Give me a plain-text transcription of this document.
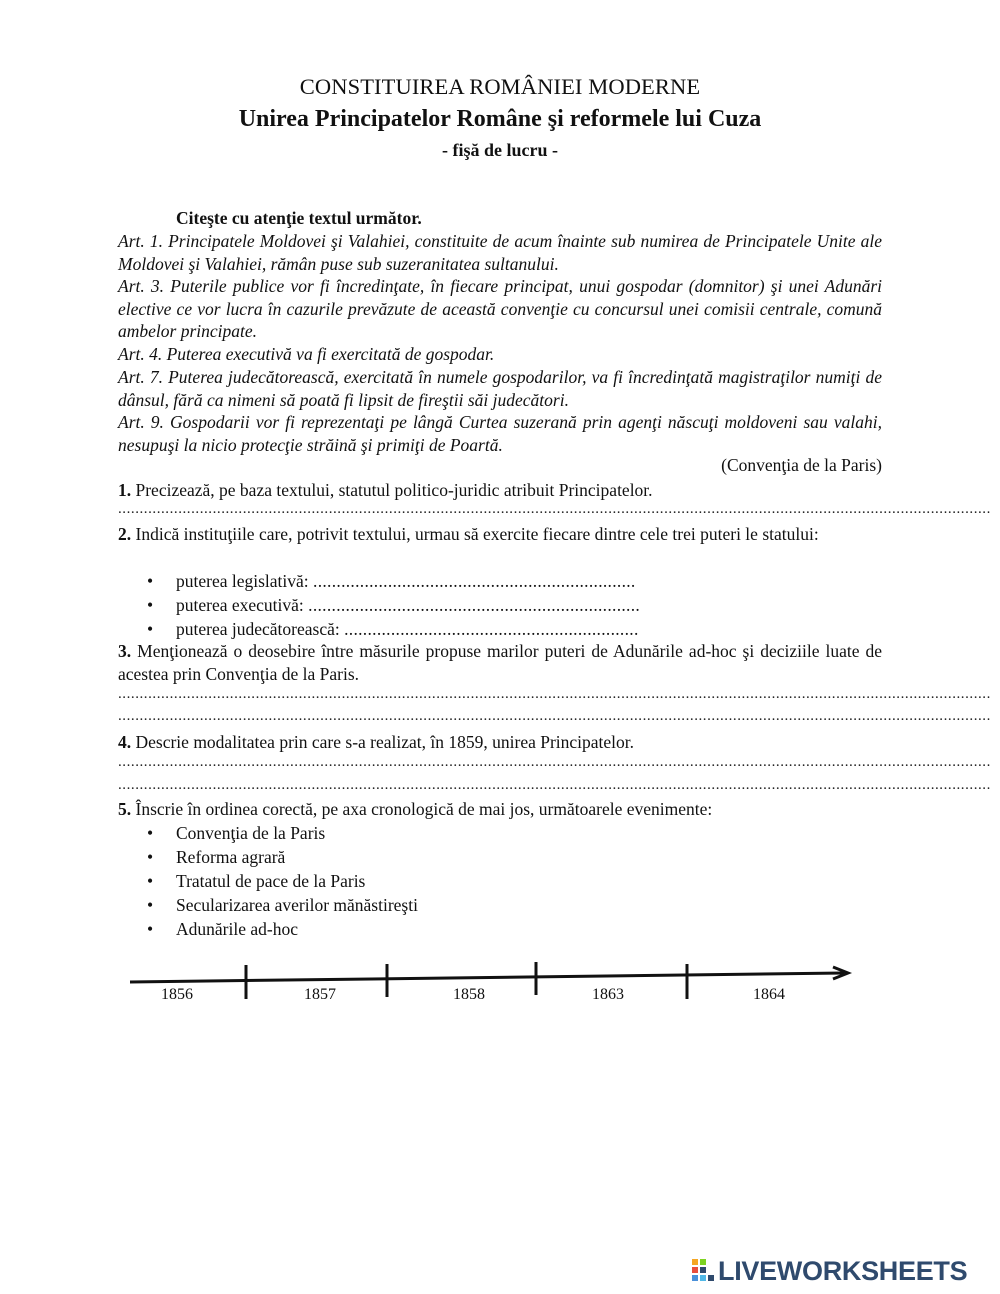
CONSTITUIREA ROMÂNIEI MODERNE
Unirea Principatelor Române şi reformele lui Cuza
- fişă de lucru -
Citeşte cu atenţie textul următor.
Art. 1. Principatele Moldovei şi Valahiei, constituite de acum înainte sub numirea de Principatele Unite ale Moldovei şi Valahiei, rămân puse sub suzeranitatea sultanului.
Art. 3. Puterile publice vor fi încredinţate, în fiecare principat, unui gospodar (domnitor) şi unei Adunări elective ce vor lucra în cazurile prevăzute de această convenţie cu concursul unei comisii centrale, comună ambelor principate.
Art. 4. Puterea executivă va fi exercitată de gospodar.
Art. 7. Puterea judecătorească, exercitată în numele gospodarilor, va fi încredinţată magistraţilor numiţi de dânsul, fără ca nimeni să poată fi lipsit de fireştii săi judecători.
Art. 9. Gospodarii vor fi reprezentaţi pe lângă Curtea suzerană prin agenţi născuţi moldoveni sau valahi, nesupuşi la nicio protecţie străină şi primiţi de Poartă.
(Convenţia de la Paris)
1. Precizează, pe baza textului, statutul politico-juridic atribuit Principatelor.
...........................................................................................................................................................................................................
2. Indică instituţiile care, potrivit textului, urmau să exercite fiecare dintre cele trei puteri le statului:
• puterea legislativă: .....................................................................
• puterea executivă: .......................................................................
• puterea judecătorească: ...............................................................
3. Menţionează o deosebire între măsurile propuse marilor puteri de Adunările ad-hoc şi deciziile luate de acestea prin Convenţia de la Paris.
...........................................................................................................................................................................................................
...........................................................................................................................................................................................................
4. Descrie modalitatea prin care s-a realizat, în 1859, unirea Principatelor.
...........................................................................................................................................................................................................
...........................................................................................................................................................................................................
5. Înscrie în ordinea corectă, pe axa cronologică de mai jos, următoarele evenimente:
• Convenţia de la Paris
• Reforma agrară
• Tratatul de pace de la Paris
• Secularizarea averilor mănăstireşti
• Adunările ad-hoc
1856	1857	1858	1863	1864
LIVEWORKSHEETS
